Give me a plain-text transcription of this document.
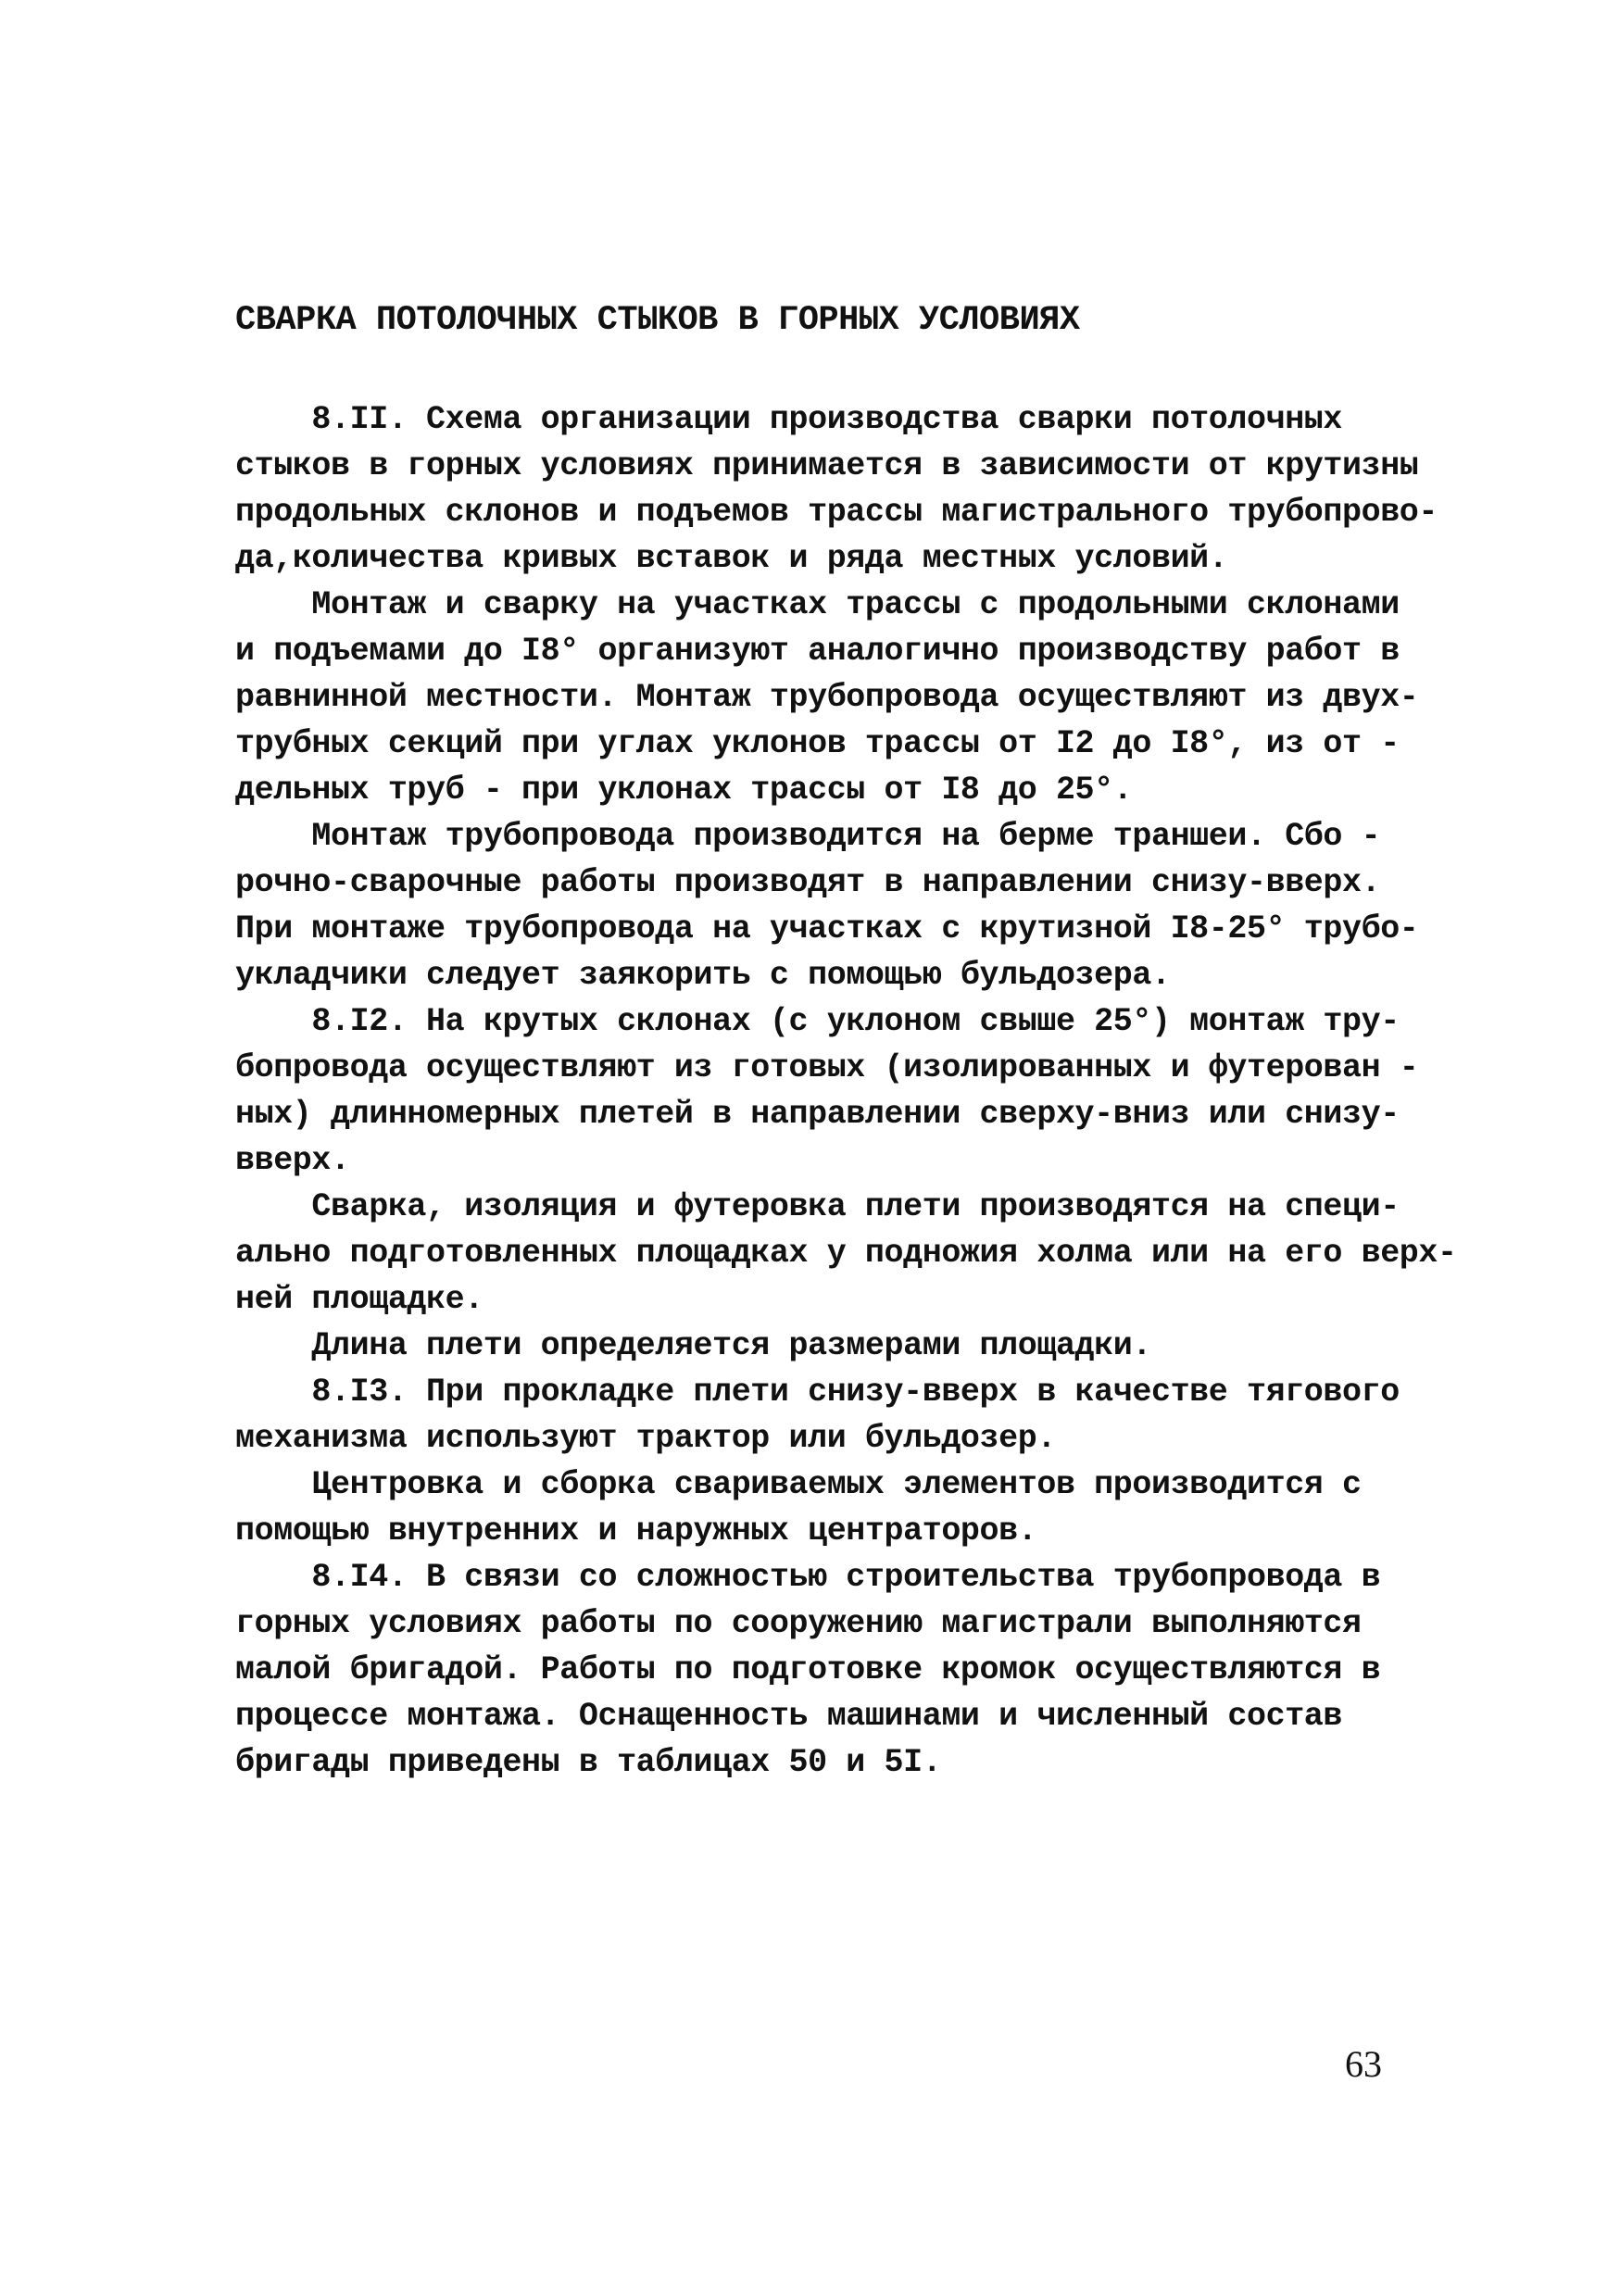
СВАРКА ПОТОЛОЧНЫХ СТЫКОВ В ГОРНЫХ УСЛОВИЯХ
8.II. Схема организации производства сварки потолочных
стыков в горных условиях принимается в зависимости от крутизны
продольных склонов и подъемов трассы магистрального трубопрово-
да,количества кривых вставок и ряда местных условий.
Монтаж и сварку на участках трассы с продольными склонами
и подъемами до I8° организуют аналогично производству работ в
равнинной местности. Монтаж трубопровода осуществляют из двух-
трубных секций при углах уклонов трассы от I2 до I8°, из от -
дельных труб - при уклонах трассы от I8 до 25°.
Монтаж трубопровода производится на берме траншеи. Сбо -
рочно-сварочные работы производят в направлении снизу-вверх.
При монтаже трубопровода на участках с крутизной I8-25° трубо-
укладчики следует заякорить с помощью бульдозера.
8.I2. На крутых склонах (с уклоном свыше 25°) монтаж тру-
бопровода осуществляют из готовых (изолированных и футерован -
ных) длинномерных плетей в направлении сверху-вниз или снизу-
вверх.
Сварка, изоляция и футеровка плети производятся на специ-
ально подготовленных площадках у подножия холма или на его верх-
ней площадке.
Длина плети определяется размерами площадки.
8.I3. При прокладке плети снизу-вверх в качестве тягового
механизма используют трактор или бульдозер.
Центровка и сборка свариваемых элементов производится с
помощью внутренних и наружных центраторов.
8.I4. В связи со сложностью строительства трубопровода в
горных условиях работы по сооружению магистрали выполняются
малой бригадой. Работы по подготовке кромок осуществляются в
процессе монтажа. Оснащенность машинами и численный состав
бригады приведены в таблицах 50 и 5I.
63
